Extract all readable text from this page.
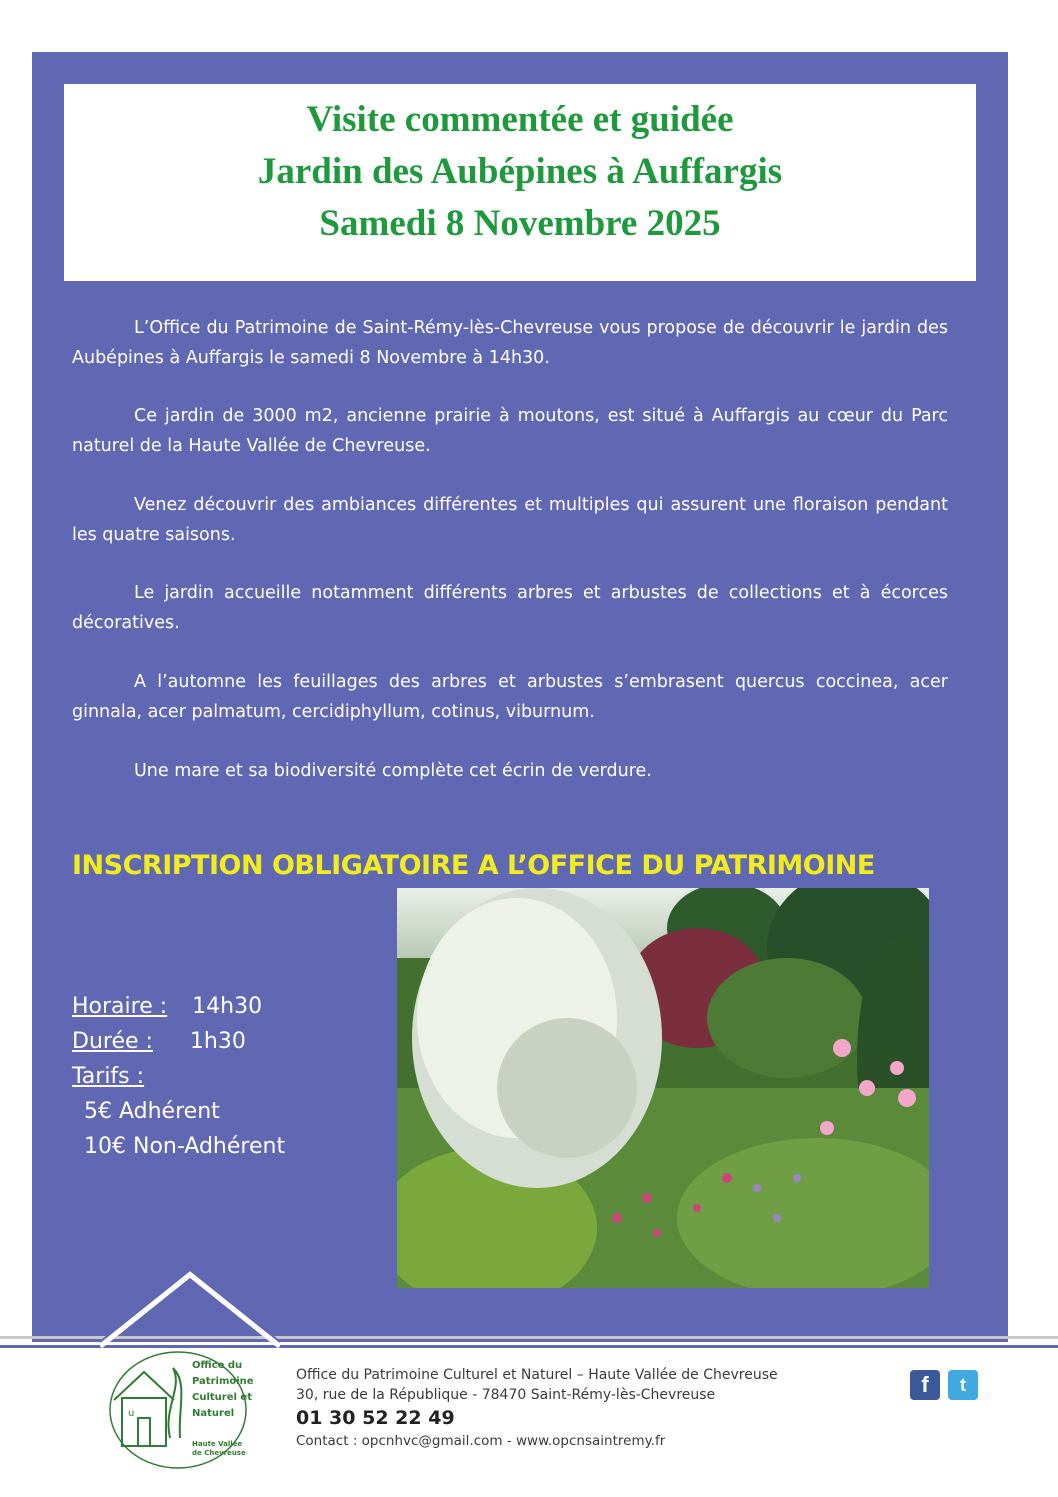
Visite commentée et guidée
Jardin des Aubépines à Auffargis
Samedi 8 Novembre 2025
L’Office du Patrimoine de Saint-Rémy-lès-Chevreuse vous propose de découvrir le jardin des Aubépines à Auffargis le samedi 8 Novembre à 14h30.
Ce jardin de 3000 m2, ancienne prairie à moutons, est situé à Auffargis au cœur du Parc naturel de la Haute Vallée de Chevreuse.
Venez découvrir des ambiances différentes et multiples qui assurent une floraison pendant les quatre saisons.
Le jardin accueille notamment différents arbres et arbustes de collections et à écorces décoratives.
A l’automne les feuillages des arbres et arbustes s’embrasent quercus coccinea, acer ginnala, acer palmatum, cercidiphyllum, cotinus, viburnum.
Une mare et sa biodiversité complète cet écrin de verdure.
INSCRIPTION OBLIGATOIRE A L’OFFICE DU PATRIMOINE
Horaire : 14h30
Durée : 1h30
Tarifs :
5€ Adhérent
10€ Non-Adhérent
u
Office du
Patrimoine
Culturel et
Naturel
Haute Vallée
de Chevreuse
Office du Patrimoine Culturel et Naturel – Haute Vallée de Chevreuse
30, rue de la République - 78470 Saint-Rémy-lès-Chevreuse
01 30 52 22 49
Contact : opcnhvc@gmail.com - www.opcnsaintremy.fr
f	t
